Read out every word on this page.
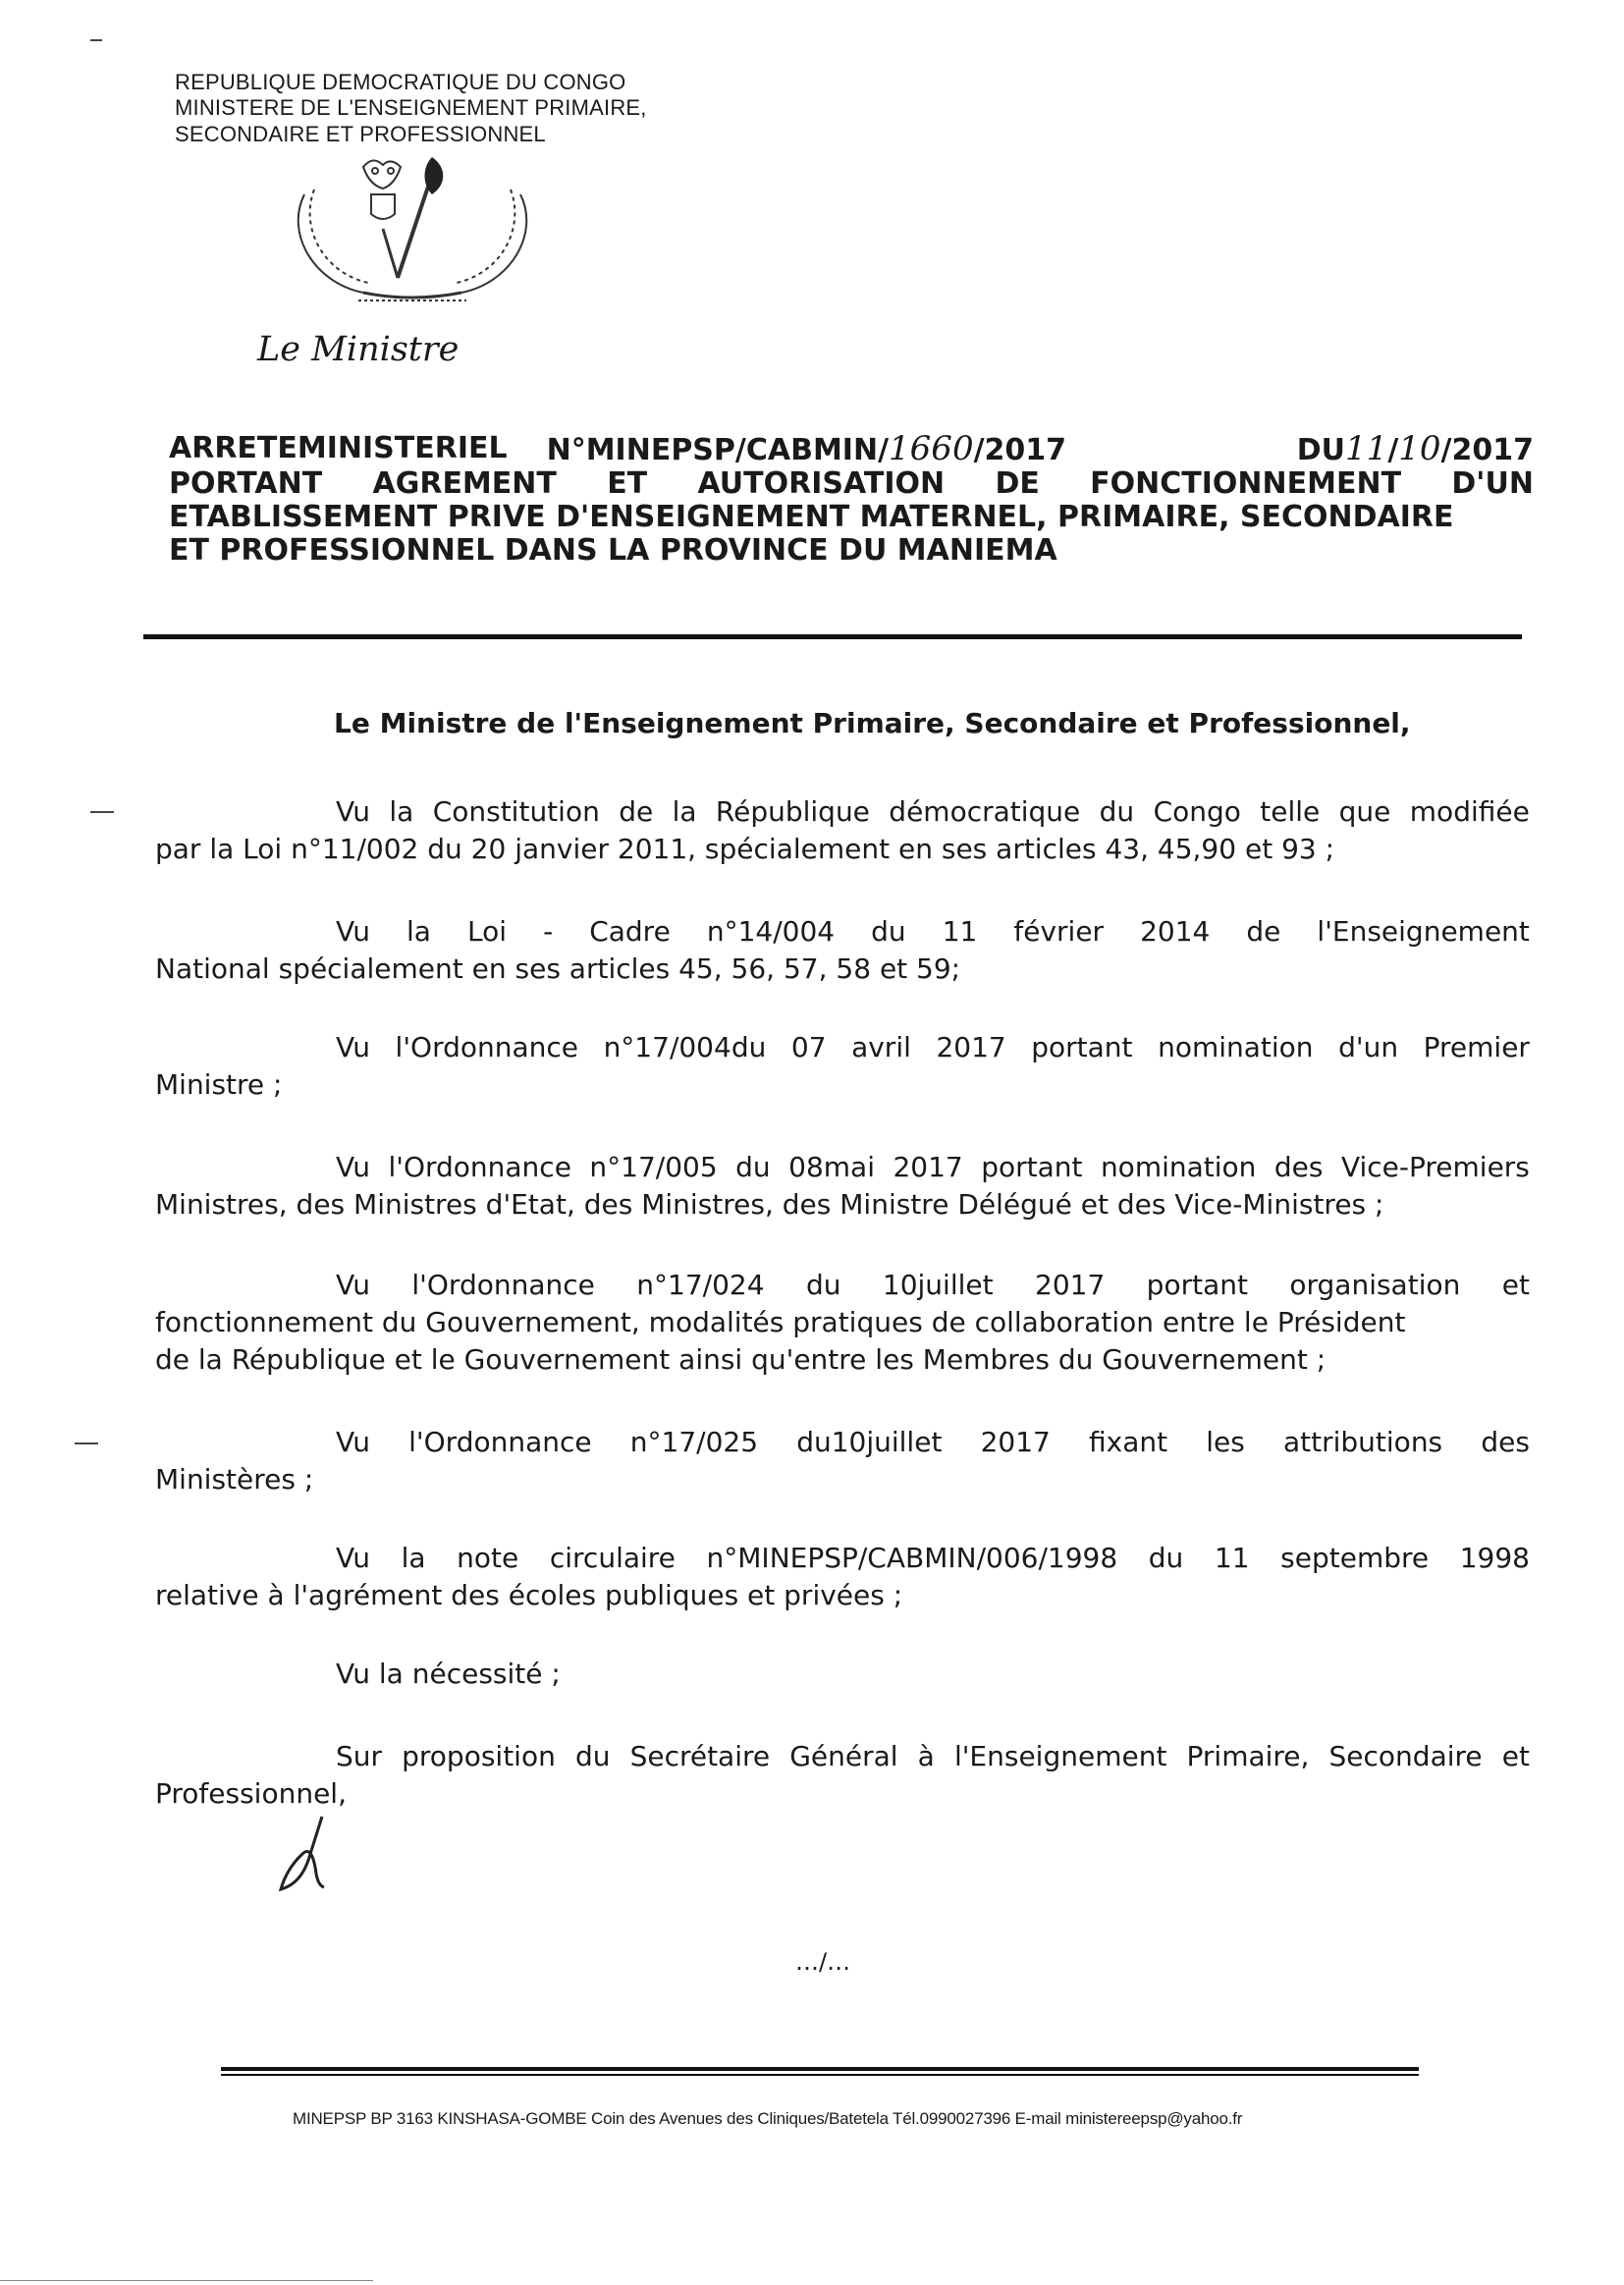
REPUBLIQUE DEMOCRATIQUE DU CONGO
MINISTERE DE L'ENSEIGNEMENT PRIMAIRE,
SECONDAIRE ET PROFESSIONNEL
Le Ministre
ARRETEMINISTERIEL N°MINEPSP/CABMIN/1660/2017	DU11/10/2017
PORTANT AGREMENT ET AUTORISATION DE FONCTIONNEMENT D'UN
ETABLISSEMENT PRIVE D'ENSEIGNEMENT MATERNEL, PRIMAIRE, SECONDAIRE
ET PROFESSIONNEL DANS LA PROVINCE DU MANIEMA
Le Ministre de l'Enseignement Primaire, Secondaire et Professionnel,
Vu la Constitution de la République démocratique du Congo telle que modifiée
par la Loi n°11/002 du 20 janvier 2011, spécialement en ses articles 43, 45,90 et 93 ;
Vu la Loi - Cadre n°14/004 du 11 février 2014 de l'Enseignement
National spécialement en ses articles 45, 56, 57, 58 et 59;
Vu l'Ordonnance n°17/004du 07 avril 2017 portant nomination d'un Premier
Ministre ;
Vu l'Ordonnance n°17/005 du 08mai 2017 portant nomination des Vice-Premiers
Ministres, des Ministres d'Etat, des Ministres, des Ministre Délégué et des Vice-Ministres ;
Vu l'Ordonnance n°17/024 du 10juillet 2017 portant organisation et
fonctionnement du Gouvernement, modalités pratiques de collaboration entre le Président
de la République et le Gouvernement ainsi qu'entre les Membres du Gouvernement ;
Vu l'Ordonnance n°17/025 du10juillet 2017 fixant les attributions des
Ministères ;
Vu la note circulaire n°MINEPSP/CABMIN/006/1998 du 11 septembre 1998
relative à l'agrément des écoles publiques et privées ;
Vu la nécessité ;
Sur proposition du Secrétaire Général à l'Enseignement Primaire, Secondaire et
Professionnel,
…/…
MINEPSP BP 3163 KINSHASA-GOMBE Coin des Avenues des Cliniques/Batetela Tél.0990027396 E-mail ministereepsp@yahoo.fr
